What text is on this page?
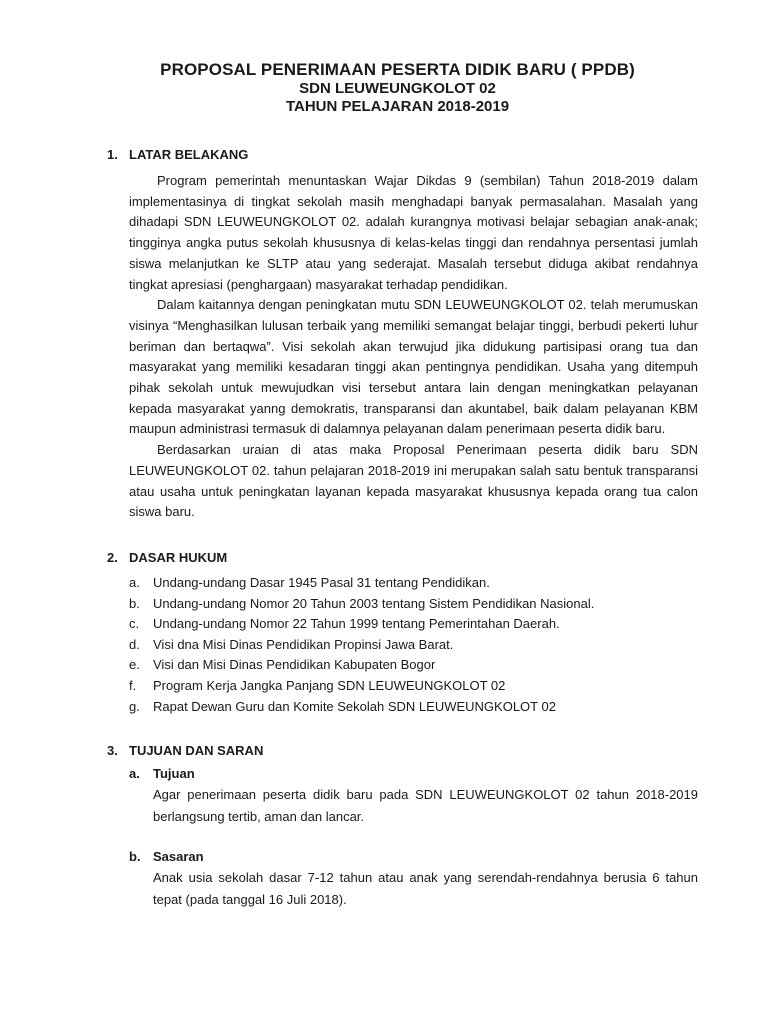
PROPOSAL PENERIMAAN PESERTA DIDIK BARU ( PPDB)

SDN LEUWEUNGKOLOT 02

TAHUN PELAJARAN 2018-2019

1. LATAR BELAKANG

Program pemerintah menuntaskan Wajar Dikdas 9 (sembilan) Tahun 2018-2019 dalam implementasinya di tingkat sekolah masih menghadapi banyak permasalahan. Masalah yang dihadapi SDN LEUWEUNGKOLOT 02. adalah kurangnya motivasi belajar sebagian anak-anak; tingginya angka putus sekolah khususnya di kelas-kelas tinggi dan rendahnya persentasi jumlah siswa melanjutkan ke SLTP atau yang sederajat. Masalah tersebut diduga akibat rendahnya tingkat apresiasi (penghargaan) masyarakat terhadap pendidikan.

Dalam kaitannya dengan peningkatan mutu SDN LEUWEUNGKOLOT 02. telah merumuskan visinya “Menghasilkan lulusan terbaik yang memiliki semangat belajar tinggi, berbudi pekerti luhur beriman dan bertaqwa”. Visi sekolah akan terwujud jika didukung partisipasi orang tua dan masyarakat yang memiliki kesadaran tinggi akan pentingnya pendidikan. Usaha yang ditempuh pihak sekolah untuk mewujudkan visi tersebut antara lain dengan meningkatkan pelayanan kepada masyarakat yanng demokratis, transparansi dan akuntabel, baik dalam pelayanan KBM maupun administrasi termasuk di dalamnya pelayanan dalam penerimaan peserta didik baru.

Berdasarkan uraian di atas maka Proposal Penerimaan peserta didik baru SDN LEUWEUNGKOLOT 02. tahun pelajaran 2018-2019 ini merupakan salah satu bentuk transparansi atau usaha untuk peningkatan layanan kepada masyarakat khususnya kepada orang tua calon siswa baru.

2. DASAR HUKUM
a.	Undang-undang Dasar 1945 Pasal 31 tentang Pendidikan.
b.	Undang-undang Nomor 20 Tahun 2003 tentang Sistem Pendidikan Nasional.
c.	Undang-undang Nomor 22 Tahun 1999 tentang Pemerintahan Daerah.
d.	Visi dna Misi Dinas Pendidikan Propinsi Jawa Barat.
e.	Visi dan Misi Dinas Pendidikan Kabupaten Bogor
f.	Program Kerja Jangka Panjang SDN LEUWEUNGKOLOT 02
g.	Rapat Dewan Guru dan Komite Sekolah SDN LEUWEUNGKOLOT 02
3. TUJUAN DAN SARAN
a.	Tujuan
Agar penerimaan peserta didik baru pada SDN LEUWEUNGKOLOT 02 tahun 2018-2019 berlangsung tertib, aman dan lancar.
b. Sasaran
Anak usia sekolah dasar 7-12 tahun atau anak yang serendah-rendahnya berusia 6 tahun tepat (pada tanggal 16 Juli 2018).
